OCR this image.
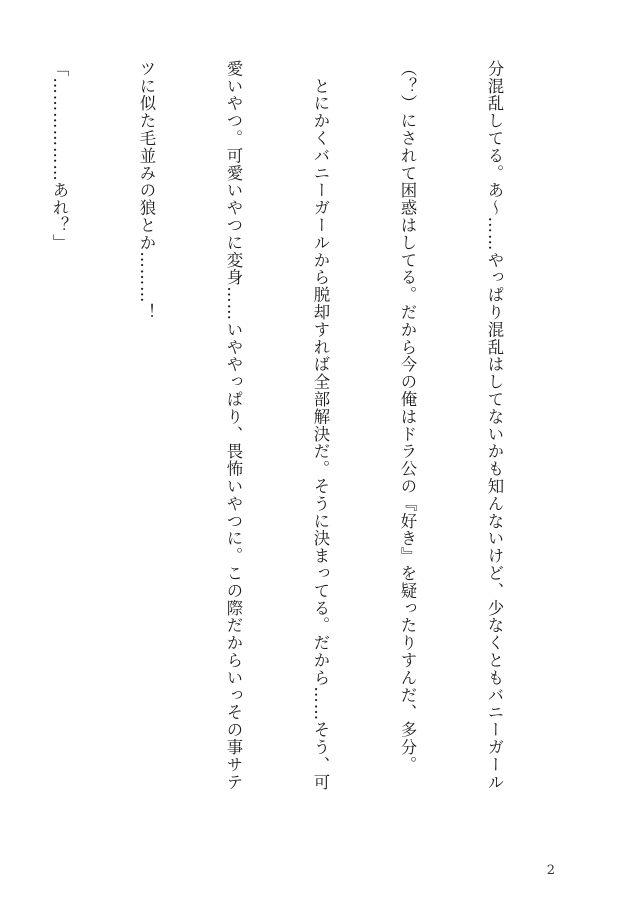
分混乱してる。あ～……やっぱり混乱はしてないかも知んないけど、少なくともバニーガール

（？）にされて困惑はしてる。だから今の俺はドラ公の『好き』を疑ったりすんだ、多分。

　とにかくバニーガールから脱却すれば全部解決だ。そうに決まってる。だから……そう、可

愛いやつ。可愛いやつに変身……いややっぱり、畏怖いやつに。この際だからいっその事サテ

ツに似た毛並みの狼とか………！

「………………あれ？」

2
